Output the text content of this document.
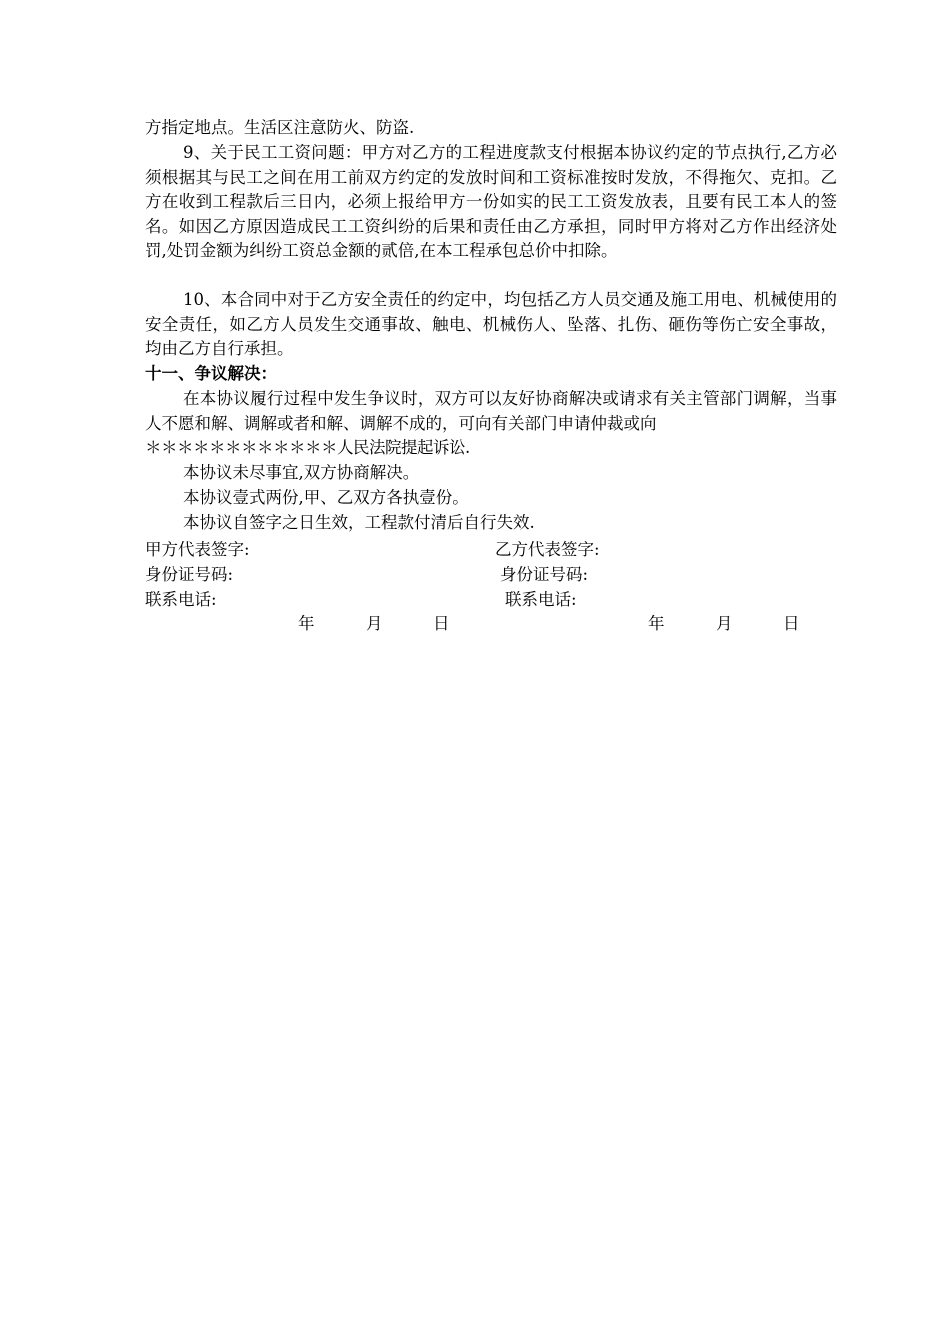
方指定地点。生活区注意防火、防盗.
9、关于民工工资问题：甲方对乙方的工程进度款支付根据本协议约定的节点执行,乙方必须根据其与民工之间在用工前双方约定的发放时间和工资标准按时发放，不得拖欠、克扣。乙方在收到工程款后三日内，必须上报给甲方一份如实的民工工资发放表，且要有民工本人的签名。如因乙方原因造成民工工资纠纷的后果和责任由乙方承担，同时甲方将对乙方作出经济处罚,处罚金额为纠纷工资总金额的贰倍,在本工程承包总价中扣除。
10、本合同中对于乙方安全责任的约定中，均包括乙方人员交通及施工用电、机械使用的安全责任，如乙方人员发生交通事故、触电、机械伤人、坠落、扎伤、砸伤等伤亡安全事故，均由乙方自行承担。
十一、争议解决：
在本协议履行过程中发生争议时，双方可以友好协商解决或请求有关主管部门调解，当事人不愿和解、调解或者和解、调解不成的，可向有关部门申请仲裁或向
＊＊＊＊＊＊＊＊＊＊＊＊人民法院提起诉讼.
本协议未尽事宜,双方协商解决。
本协议壹式两份,甲、乙双方各执壹份。
本协议自签字之日生效，工程款付清后自行失效.
甲方代表签字:	乙方代表签字:
身份证号码:	身份证号码:
联系电话:	联系电话:
年	月	日	年	月	日
